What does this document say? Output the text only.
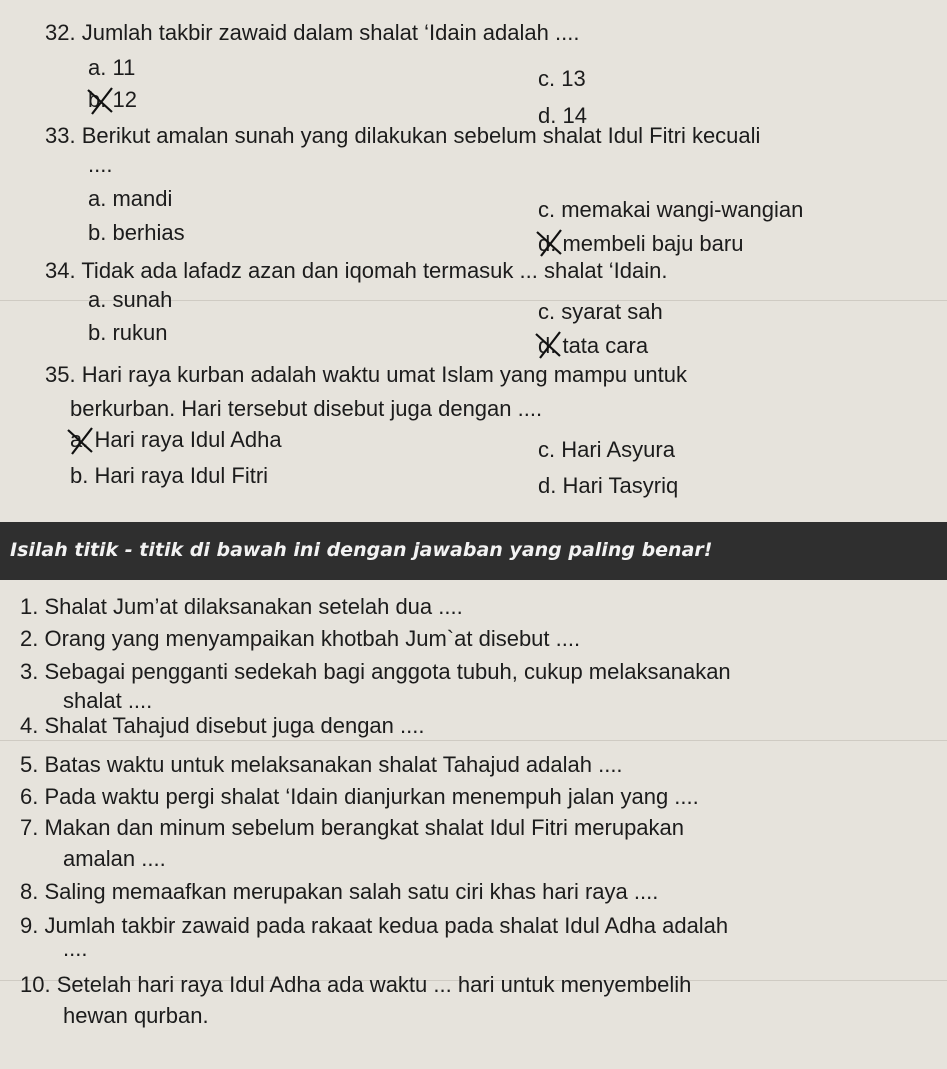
32. Jumlah takbir zawaid dalam shalat ‘Idain adalah ....
a. 11	c. 13
b. 12
d. 14
33. Berikut amalan sunah yang dilakukan sebelum shalat Idul Fitri kecuali
....
a. mandi	c. memakai wangi-wangian
b. berhias	d. membeli baju baru
34. Tidak ada lafadz azan dan iqomah termasuk ... shalat ‘Idain.
a. sunah	c. syarat sah
b. rukun
d. tata cara
35. Hari raya kurban adalah waktu umat Islam yang mampu untuk
berkurban. Hari tersebut disebut juga dengan ....
a. Hari raya Idul Adha	c. Hari Asyura
b. Hari raya Idul Fitri	d. Hari Tasyriq
Isilah titik - titik di bawah ini dengan jawaban yang paling benar!
1. Shalat Jum’at dilaksanakan setelah dua ....
2. Orang yang menyampaikan khotbah Jum`at disebut ....
3. Sebagai pengganti sedekah bagi anggota tubuh, cukup melaksanakan
shalat ....
4. Shalat Tahajud disebut juga dengan ....
5. Batas waktu untuk melaksanakan shalat Tahajud adalah ....
6. Pada waktu pergi shalat ‘Idain dianjurkan menempuh jalan yang ....
7. Makan dan minum sebelum berangkat shalat Idul Fitri merupakan
amalan ....
8. Saling memaafkan merupakan salah satu ciri khas hari raya ....
9. Jumlah takbir zawaid pada rakaat kedua pada shalat Idul Adha adalah
....
10. Setelah hari raya Idul Adha ada waktu ... hari untuk menyembelih
hewan qurban.
